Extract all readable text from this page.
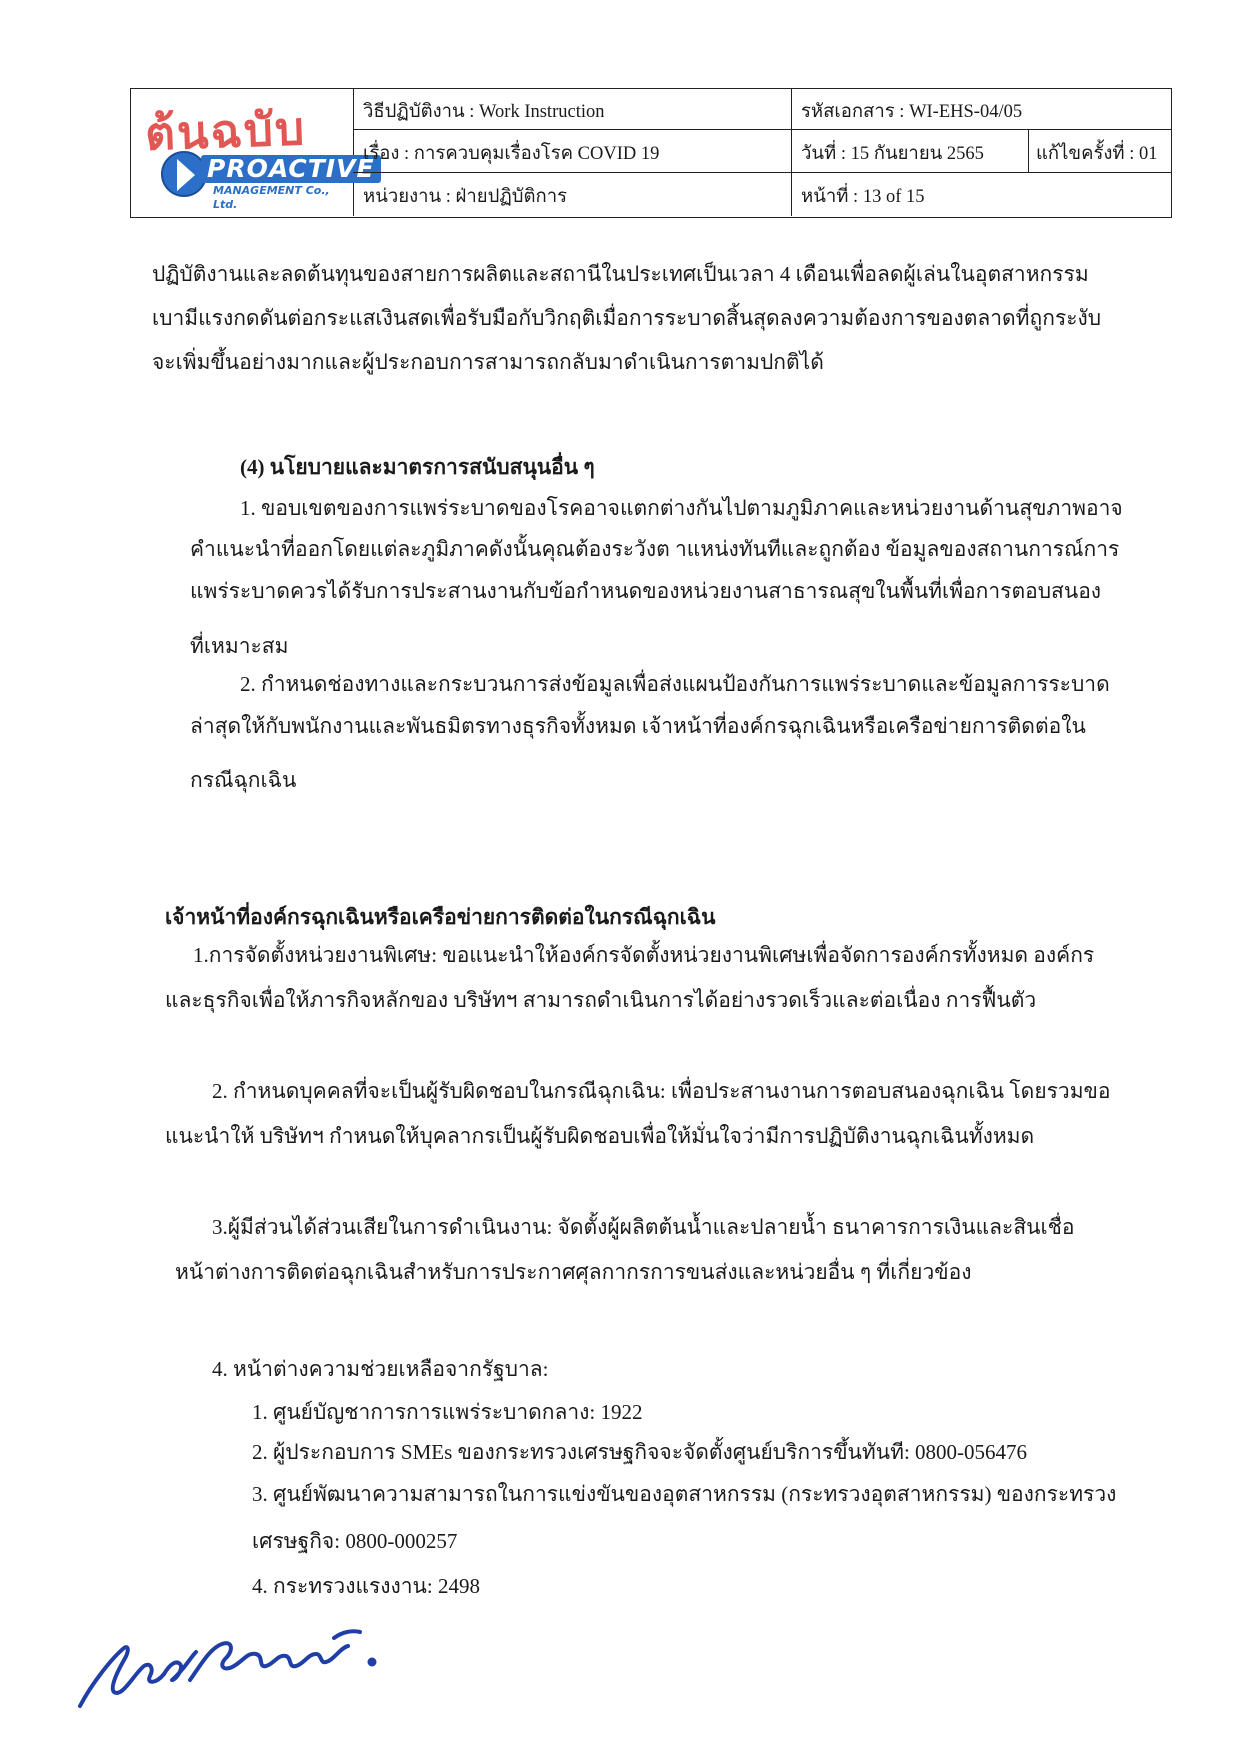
PROACTIVE
MANAGEMENT Co., Ltd.
ต้นฉบับ	วิธีปฏิบัติงาน : Work Instruction	รหัสเอกสาร : WI-EHS-04/05
เรื่อง : การควบคุมเรื่องโรค COVID 19	วันที่ : 15 กันยายน 2565	แก้ไขครั้งที่ : 01
หน่วยงาน : ฝ่ายปฏิบัติการ	หน้าที่ : 13 of 15
ปฏิบัติงานและลดต้นทุนของสายการผลิตและสถานีในประเทศเป็นเวลา 4 เดือนเพื่อลดผู้เล่นในอุตสาหกรรม
เบามีแรงกดดันต่อกระแสเงินสดเพื่อรับมือกับวิกฤติเมื่อการระบาดสิ้นสุดลงความต้องการของตลาดที่ถูกระงับ
จะเพิ่มขึ้นอย่างมากและผู้ประกอบการสามารถกลับมาดำเนินการตามปกติได้
(4) นโยบายและมาตรการสนับสนุนอื่น ๆ
1. ขอบเขตของการแพร่ระบาดของโรคอาจแตกต่างกันไปตามภูมิภาคและหน่วยงานด้านสุขภาพอาจ
คำแนะนำที่ออกโดยแต่ละภูมิภาคดังนั้นคุณต้องระวังต าแหน่งทันทีและถูกต้อง ข้อมูลของสถานการณ์การ
แพร่ระบาดควรได้รับการประสานงานกับข้อกำหนดของหน่วยงานสาธารณสุขในพื้นที่เพื่อการตอบสนอง
ที่เหมาะสม
2. กำหนดช่องทางและกระบวนการส่งข้อมูลเพื่อส่งแผนป้องกันการแพร่ระบาดและข้อมูลการระบาด
ล่าสุดให้กับพนักงานและพันธมิตรทางธุรกิจทั้งหมด เจ้าหน้าที่องค์กรฉุกเฉินหรือเครือข่ายการติดต่อใน
กรณีฉุกเฉิน
เจ้าหน้าที่องค์กรฉุกเฉินหรือเครือข่ายการติดต่อในกรณีฉุกเฉิน
1.การจัดตั้งหน่วยงานพิเศษ: ขอแนะนำให้องค์กรจัดตั้งหน่วยงานพิเศษเพื่อจัดการองค์กรทั้งหมด องค์กร
และธุรกิจเพื่อให้ภารกิจหลักของ บริษัทฯ สามารถดำเนินการได้อย่างรวดเร็วและต่อเนื่อง การฟื้นตัว
2. กำหนดบุคคลที่จะเป็นผู้รับผิดชอบในกรณีฉุกเฉิน: เพื่อประสานงานการตอบสนองฉุกเฉิน โดยรวมขอ
แนะนำให้ บริษัทฯ กำหนดให้บุคลากรเป็นผู้รับผิดชอบเพื่อให้มั่นใจว่ามีการปฏิบัติงานฉุกเฉินทั้งหมด
3.ผู้มีส่วนได้ส่วนเสียในการดำเนินงาน: จัดตั้งผู้ผลิตต้นน้ำและปลายน้ำ ธนาคารการเงินและสินเชื่อ
หน้าต่างการติดต่อฉุกเฉินสำหรับการประกาศศุลกากรการขนส่งและหน่วยอื่น ๆ ที่เกี่ยวข้อง
4. หน้าต่างความช่วยเหลือจากรัฐบาล:
1. ศูนย์บัญชาการการแพร่ระบาดกลาง: 1922
2. ผู้ประกอบการ SMEs ของกระทรวงเศรษฐกิจจะจัดตั้งศูนย์บริการขึ้นทันที: 0800-056476
3. ศูนย์พัฒนาความสามารถในการแข่งขันของอุตสาหกรรม (กระทรวงอุตสาหกรรม) ของกระทรวง
เศรษฐกิจ: 0800-000257
4. กระทรวงแรงงาน: 2498
